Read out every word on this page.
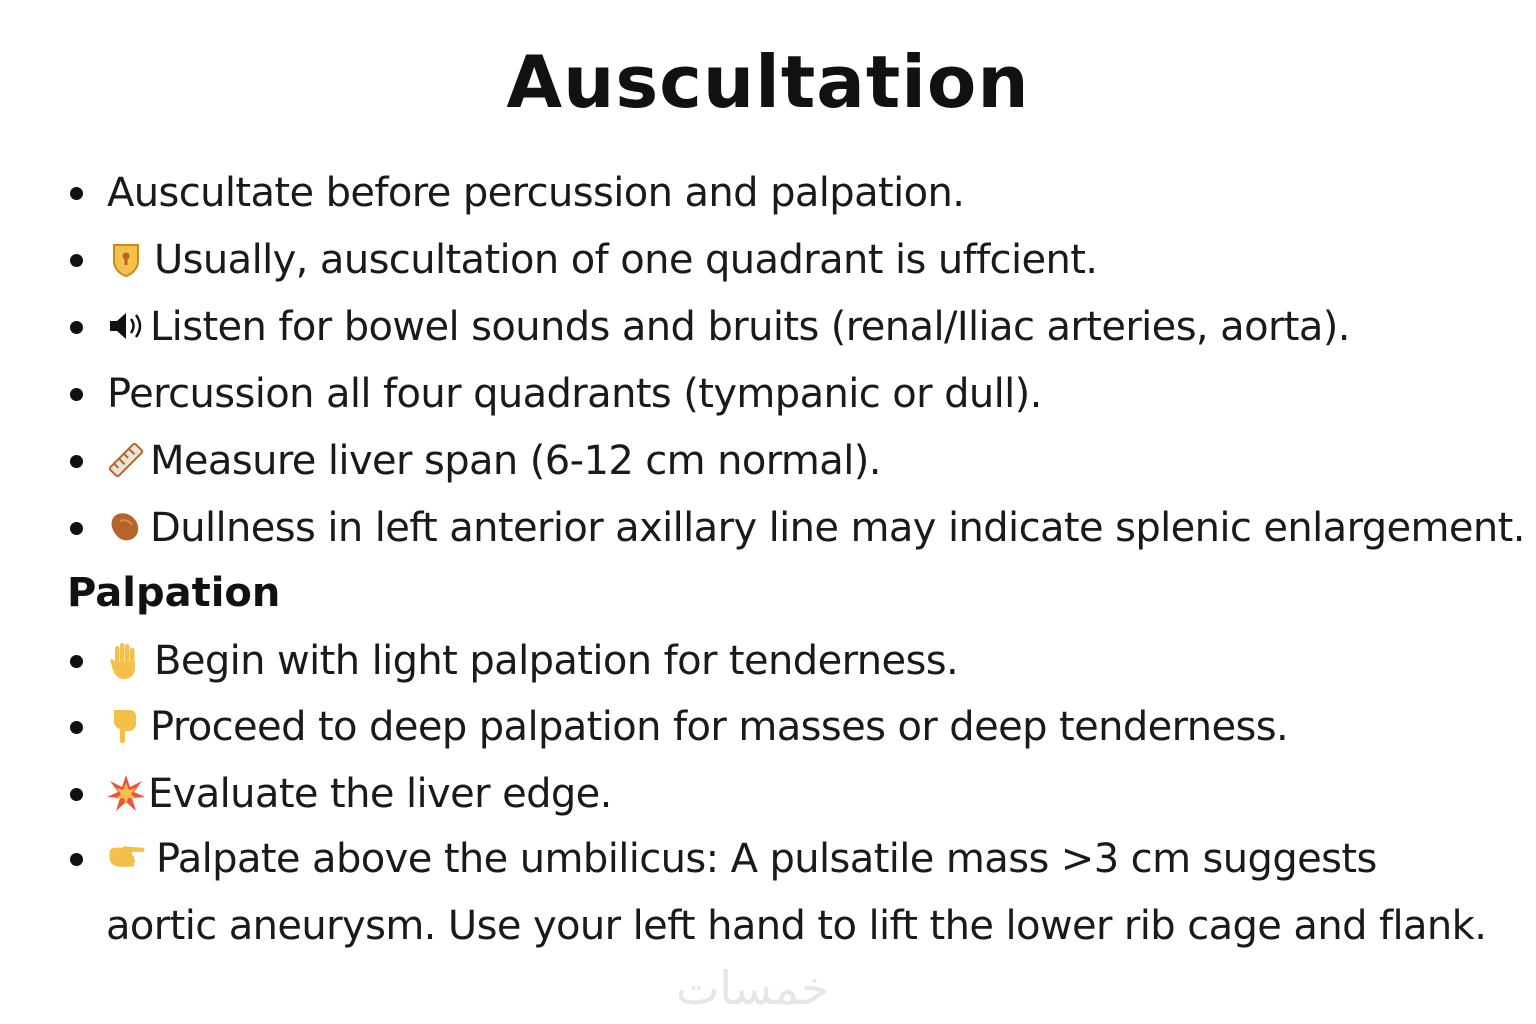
Auscultation
Auscultate before percussion and palpation.
Usually, auscultation of one quadrant is uffcient.
Listen for bowel sounds and bruits (renal/Iliac arteries, aorta).
Percussion all four quadrants (tympanic or dull).
Measure liver span (6-12 cm normal).
Dullness in left anterior axillary line may indicate splenic enlargement.
Palpation
Begin with light palpation for tenderness.
Proceed to deep palpation for masses or deep tenderness.
Evaluate the liver edge.
Palpate above the umbilicus: A pulsatile mass >3 cm suggests
aortic aneurysm. Use your left hand to lift the lower rib cage and flank.
خمسات
